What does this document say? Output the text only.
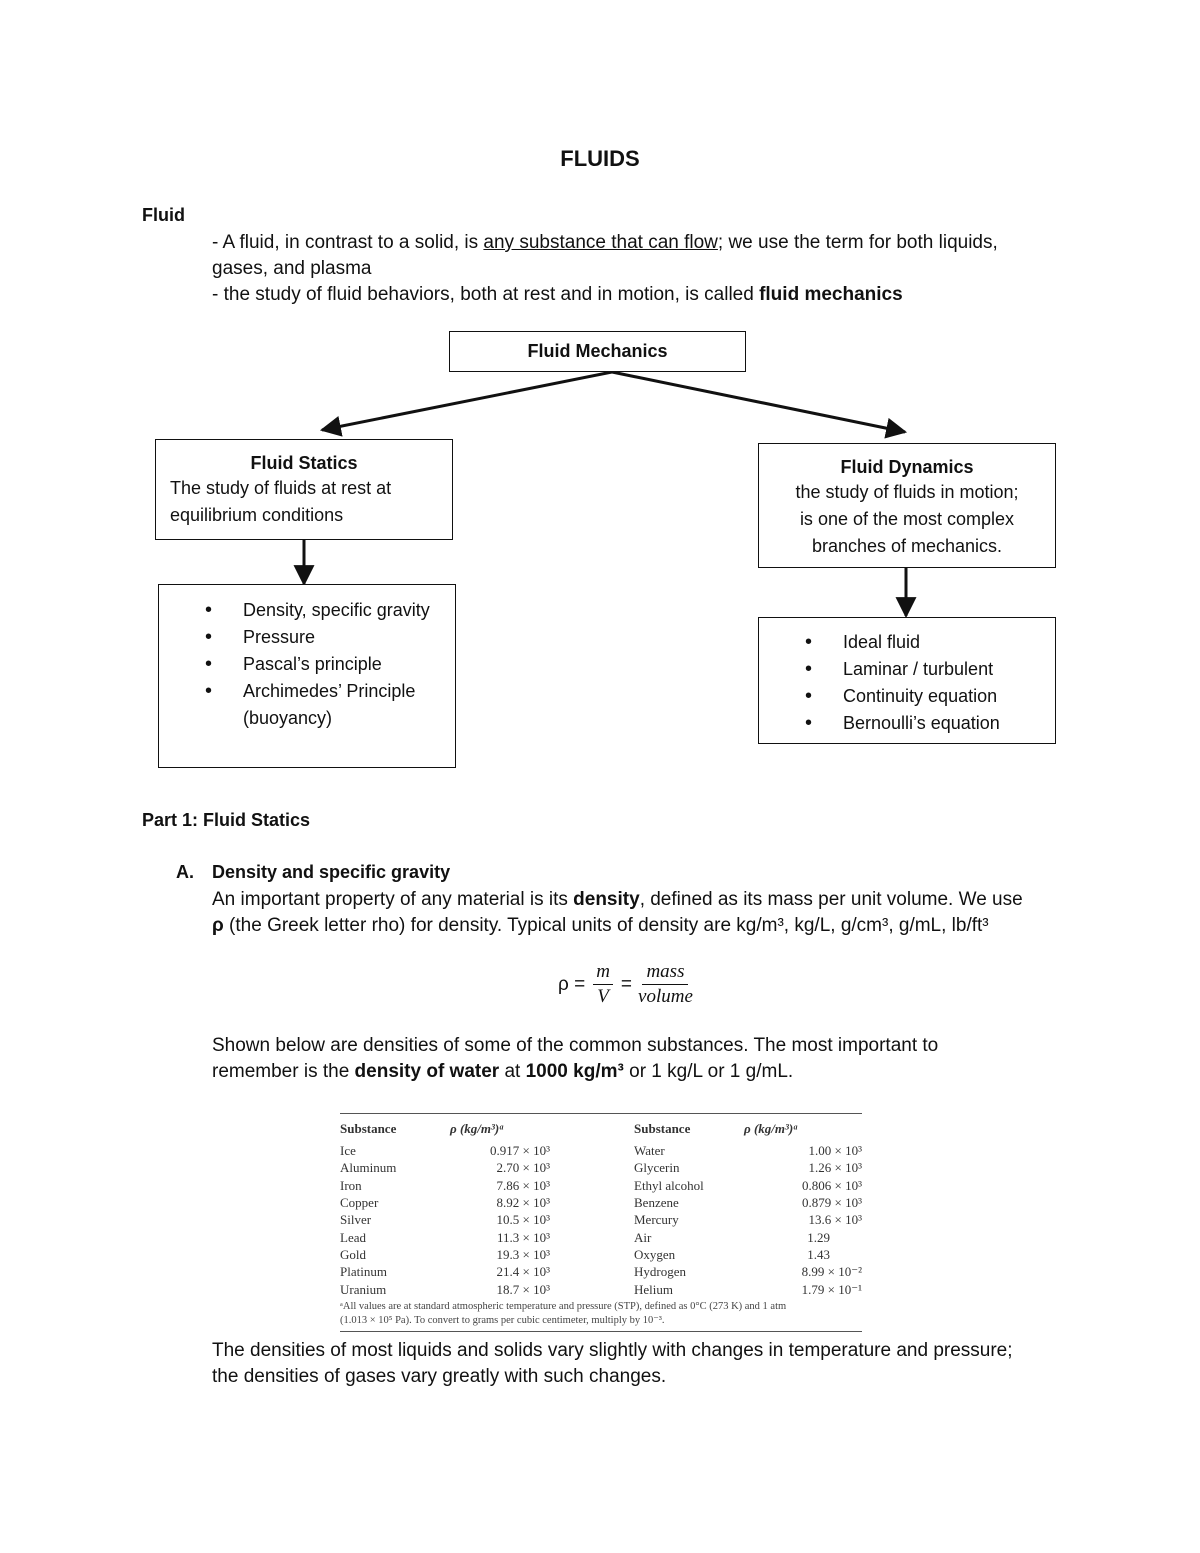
FLUIDS
Fluid
- A fluid, in contrast to a solid, is any substance that can flow; we use the term for both liquids,
gases, and plasma
- the study of fluid behaviors, both at rest and in motion, is called fluid mechanics
Fluid Mechanics
Fluid Statics
The study of fluids at rest at
equilibrium conditions
• Density, specific gravity
• Pressure
• Pascal’s principle
• Archimedes’ Principle (buoyancy)
Fluid Dynamics
the study of fluids in motion;
is one of the most complex
branches of mechanics.
• Ideal fluid
• Laminar / turbulent
• Continuity equation
• Bernoulli’s equation
Part 1: Fluid Statics
A. Density and specific gravity
An important property of any material is its density, defined as its mass per unit volume. We use
ρ (the Greek letter rho) for density. Typical units of density are kg/m³, kg/L, g/cm³, g/mL, lb/ft³
$\rho = \frac{m}{V}$ =
mass
volume
Shown below are densities of some of the common substances. The most important to
remember is the density of water at 1000 kg/m³ or 1 kg/L or 1 g/mL.
Substance	ρ (kg/m³)ᵃ		Substance	ρ (kg/m³)ᵃ
Ice	0.917 × 10³		Water	1.00 × 10³
Aluminum	2.70 × 10³		Glycerin	1.26 × 10³
Iron	7.86 × 10³		Ethyl alcohol	0.806 × 10³
Copper	8.92 × 10³		Benzene	0.879 × 10³
Silver	10.5 × 10³		Mercury	13.6 × 10³
Lead	11.3 × 10³		Air	1.29
Gold	19.3 × 10³		Oxygen	1.43
Platinum	21.4 × 10³		Hydrogen	8.99 × 10⁻²
Uranium	18.7 × 10³		Helium	1.79 × 10⁻¹
ᵃAll values are at standard atmospheric temperature and pressure (STP), defined as 0°C (273 K) and 1 atm
(1.013 × 10⁵ Pa). To convert to grams per cubic centimeter, multiply by 10⁻³.
The densities of most liquids and solids vary slightly with changes in temperature and pressure;
the densities of gases vary greatly with such changes.
